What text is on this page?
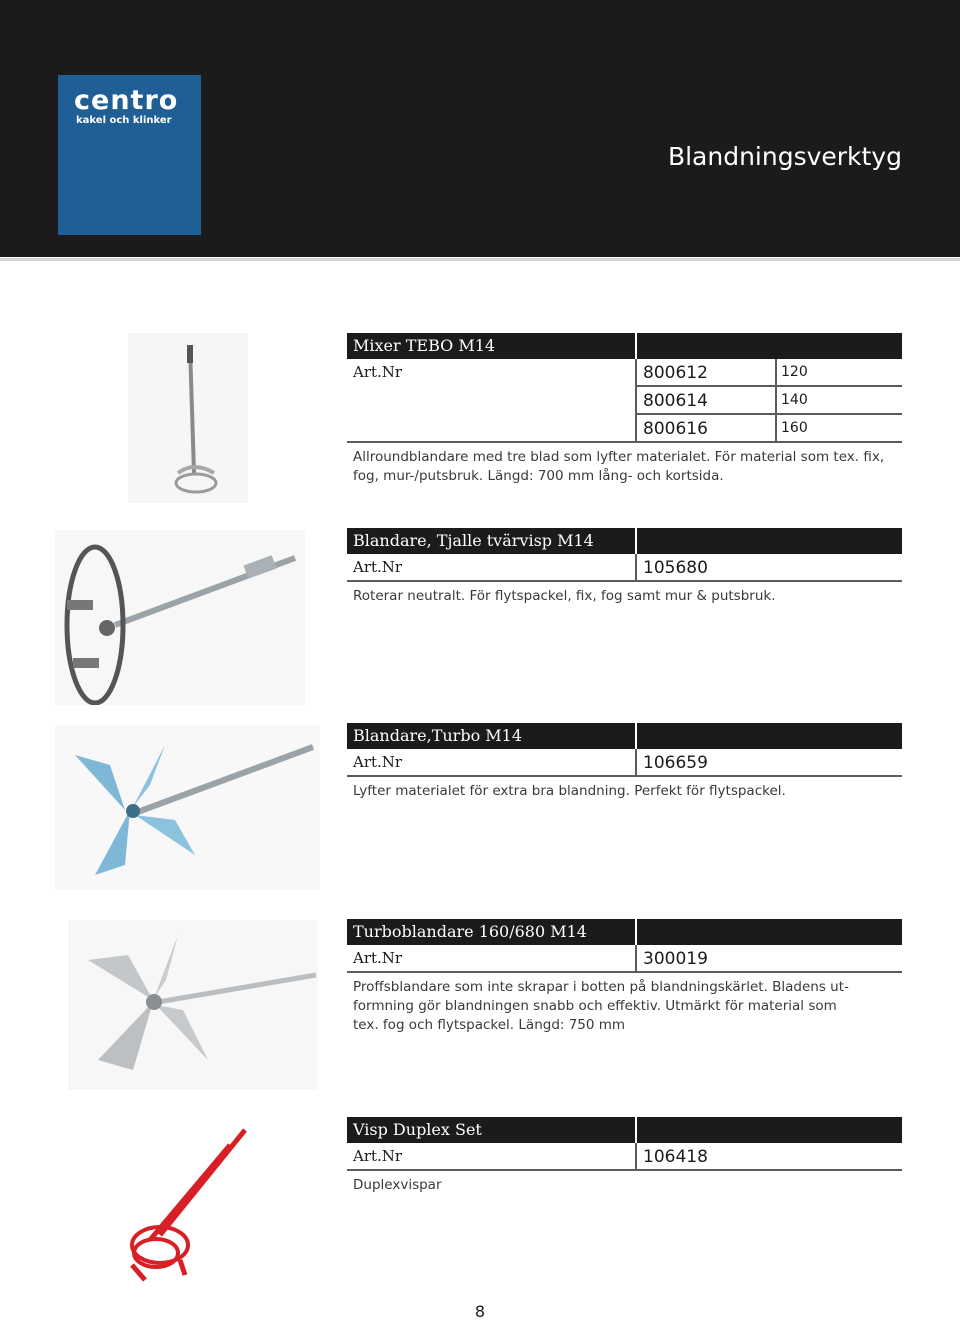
centro
kakel och klinker
Blandningsverktyg
Mixer TEBO M14
Art.Nr	800612	120
800614	140
800616	160
Allroundblandare med tre blad som lyfter materialet. För material som tex. fix, fog, mur-/putsbruk. Längd: 700 mm lång- och kortsida.
Blandare, Tjalle tvärvisp M14
Art.Nr	105680
Roterar neutralt. För flytspackel, fix, fog samt mur & putsbruk.
Blandare,Turbo M14
Art.Nr	106659
Lyfter materialet för extra bra blandning. Perfekt för flytspackel.
Turboblandare 160/680 M14
Art.Nr	300019
Proffsblandare som inte skrapar i botten på blandningskärlet. Bladens ut-
formning gör blandningen snabb och effektiv. Utmärkt för material som
tex. fog och flytspackel. Längd: 750 mm
Visp Duplex Set
Art.Nr	106418
Duplexvispar
8
